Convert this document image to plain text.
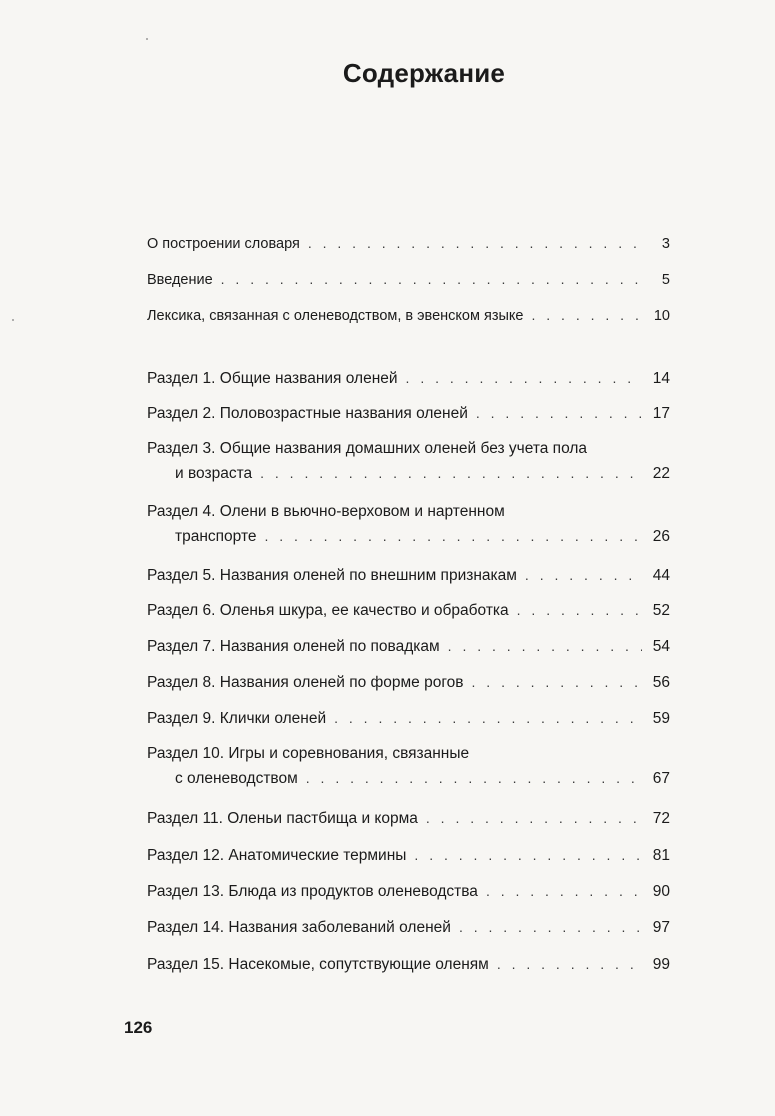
Содержание
О построении словаря . . .	3
Введение . . .	5
Лексика, связанная с оленеводством, в эвенском языке . . .	10
Раздел 1. Общие названия оленей . . .	14
Раздел 2. Половозрастные названия оленей . . .	17
Раздел 3. Общие названия домашних оленей без учета пола
и возраста . . .	22
Раздел 4. Олени в вьючно-верховом и нартенном
транспорте . . .	26
Раздел 5. Названия оленей по внешним признакам . . .	44
Раздел 6. Оленья шкура, ее качество и обработка . . .	52
Раздел 7. Названия оленей по повадкам . . .	54
Раздел 8. Названия оленей по форме рогов . . .	56
Раздел 9. Клички оленей . . .	59
Раздел 10. Игры и соревнования, связанные
с оленеводством . . .	67
Раздел 11. Оленьи пастбища и корма . . .	72
Раздел 12. Анатомические термины . . .	81
Раздел 13. Блюда из продуктов оленеводства . . .	90
Раздел 14. Названия заболеваний оленей . . .	97
Раздел 15. Насекомые, сопутствующие оленям . . .	99
126
